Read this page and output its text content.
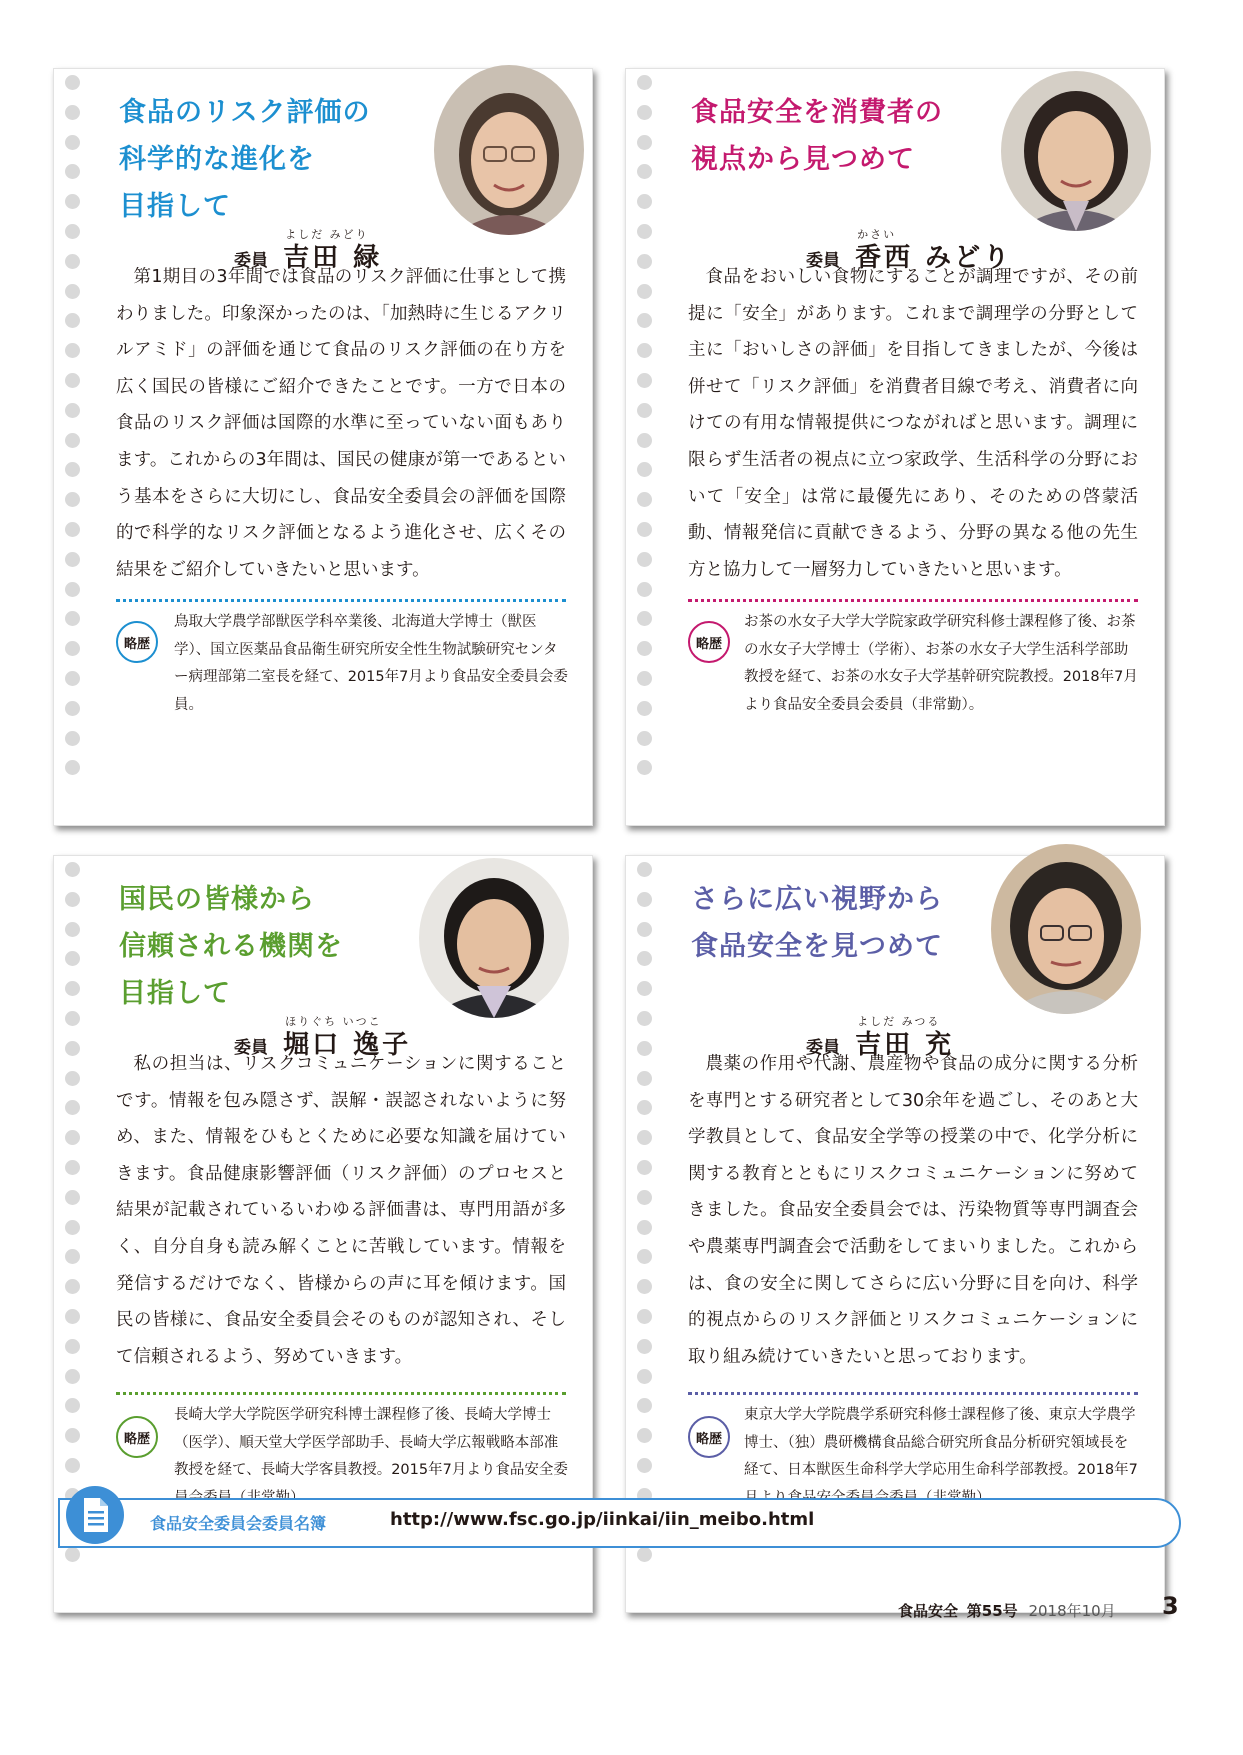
食品のリスク評価の
科学的な進化を
目指して
委員
よしだ みどり
吉田 緑
第1期目の3年間では食品のリスク評価に仕事として携わりました。印象深かったのは、「加熱時に生じるアクリルアミド」の評価を通じて食品のリスク評価の在り方を広く国民の皆様にご紹介できたことです。一方で日本の食品のリスク評価は国際的水準に至っていない面もあります。これからの3年間は、国民の健康が第一であるという基本をさらに大切にし、食品安全委員会の評価を国際的で科学的なリスク評価となるよう進化させ、広くその結果をご紹介していきたいと思います。
略歴
鳥取大学農学部獣医学科卒業後、北海道大学博士（獣医学）、国立医薬品食品衛生研究所安全性生物試験研究センター病理部第二室長を経て、2015年7月より食品安全委員会委員。
食品安全を消費者の
視点から見つめて
委員
かさい
香西 みどり
食品をおいしい食物にすることが調理ですが、その前提に「安全」があります。これまで調理学の分野として主に「おいしさの評価」を目指してきましたが、今後は併せて「リスク評価」を消費者目線で考え、消費者に向けての有用な情報提供につながればと思います。調理に限らず生活者の視点に立つ家政学、生活科学の分野において「安全」は常に最優先にあり、そのための啓蒙活動、情報発信に貢献できるよう、分野の異なる他の先生方と協力して一層努力していきたいと思います。
略歴
お茶の水女子大学大学院家政学研究科修士課程修了後、お茶の水女子大学博士（学術）、お茶の水女子大学生活科学部助教授を経て、お茶の水女子大学基幹研究院教授。2018年7月より食品安全委員会委員（非常勤）。
国民の皆様から
信頼される機関を
目指して
委員
ほりぐち いつこ
堀口 逸子
私の担当は、リスクコミュニケーションに関することです。情報を包み隠さず、誤解・誤認されないように努め、また、情報をひもとくために必要な知識を届けていきます。食品健康影響評価（リスク評価）のプロセスと結果が記載されているいわゆる評価書は、専門用語が多く、自分自身も読み解くことに苦戦しています。情報を発信するだけでなく、皆様からの声に耳を傾けます。国民の皆様に、食品安全委員会そのものが認知され、そして信頼されるよう、努めていきます。
略歴
長崎大学大学院医学研究科博士課程修了後、長崎大学博士（医学）、順天堂大学医学部助手、長崎大学広報戦略本部准教授を経て、長崎大学客員教授。2015年7月より食品安全委
さらに広い視野から
食品安全を見つめて
委員
よしだ みつる
吉田 充
農薬の作用や代謝、農産物や食品の成分に関する分析を専門とする研究者として30余年を過ごし、そのあと大学教員として、食品安全学等の授業の中で、化学分析に関する教育とともにリスクコミュニケーションに努めてきました。食品安全委員会では、汚染物質等専門調査会や農薬専門調査会で活動をしてまいりました。これからは、食の安全に関してさらに広い分野に目を向け、科学的視点からのリスク評価とリスクコミュニケーションに取り組み続けていきたいと思っております。
略歴
東京大学大学院農学系研究科修士課程修了後、東京大学農学博士、（独）農研機構食品総合研究所食品分析研究領域長を経て、日本獣医生命科学大学応用生命科学部教授。2018年7
食品安全委員会委員名簿	http://www.fsc.go.jp/iinkai/iin_meibo.html
食品安全 第55号 2018年10月 3
